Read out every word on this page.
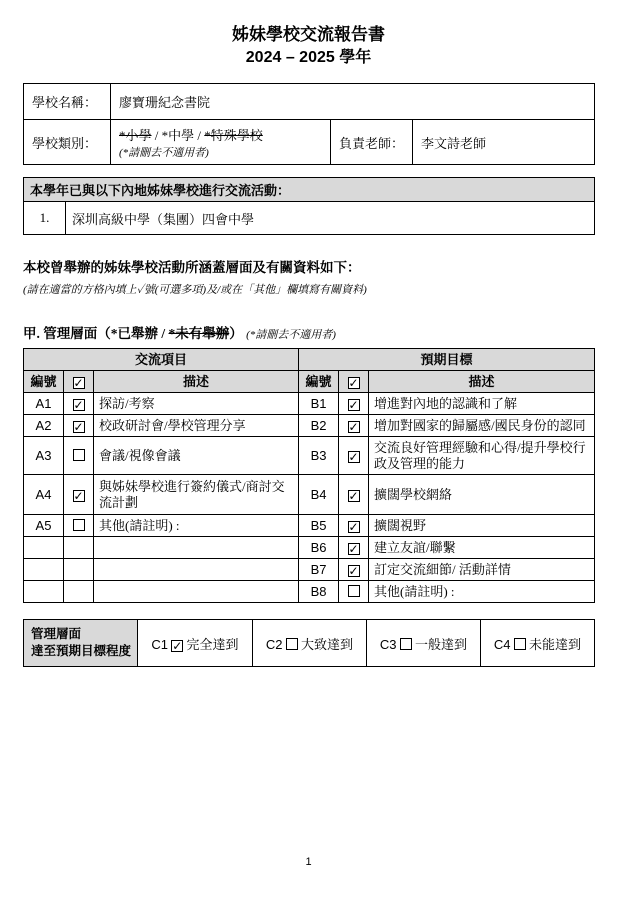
姊妹學校交流報告書
2024 – 2025 學年
學校名稱：	廖寶珊紀念書院		
學校類別：	*小學 / *中學 / *特殊學校
(*請刪去不適用者)	負責老師：	李文詩老師
本學年已與以下內地姊妹學校進行交流活動：
1.	深圳高級中學（集團）四會中學
本校曾舉辦的姊妹學校活動所涵蓋層面及有關資料如下：
(請在適當的方格內填上✓號(可選多項)及/或在「其他」欄填寫有關資料)
甲. 管理層面（*已舉辦 / *未有舉辦） (*請刪去不適用者)
交流項目			預期目標		
編號	✓	描述	編號	✓	描述
A1	✓	探訪/考察	B1	✓	增進對內地的認識和了解
A2	✓	校政研討會/學校管理分享	B2	✓	增加對國家的歸屬感/國民身份的認同
A3		會議/視像會議	B3	✓	交流良好管理經驗和心得/提升學校行政及管理的能力
A4	✓	與姊妹學校進行簽約儀式/商討交流計劃	B4	✓	擴闊學校網絡
A5		其他(請註明) :	B5	✓	擴闊視野
			B6	✓	建立友誼/聯繫
			B7	✓	訂定交流細節/ 活動詳情
			B8		其他(請註明) :
管理層面
達至預期目標程度	C1 ✓ 完全達到	C2 大致達到	C3 一般達到	C4 未能達到
1
